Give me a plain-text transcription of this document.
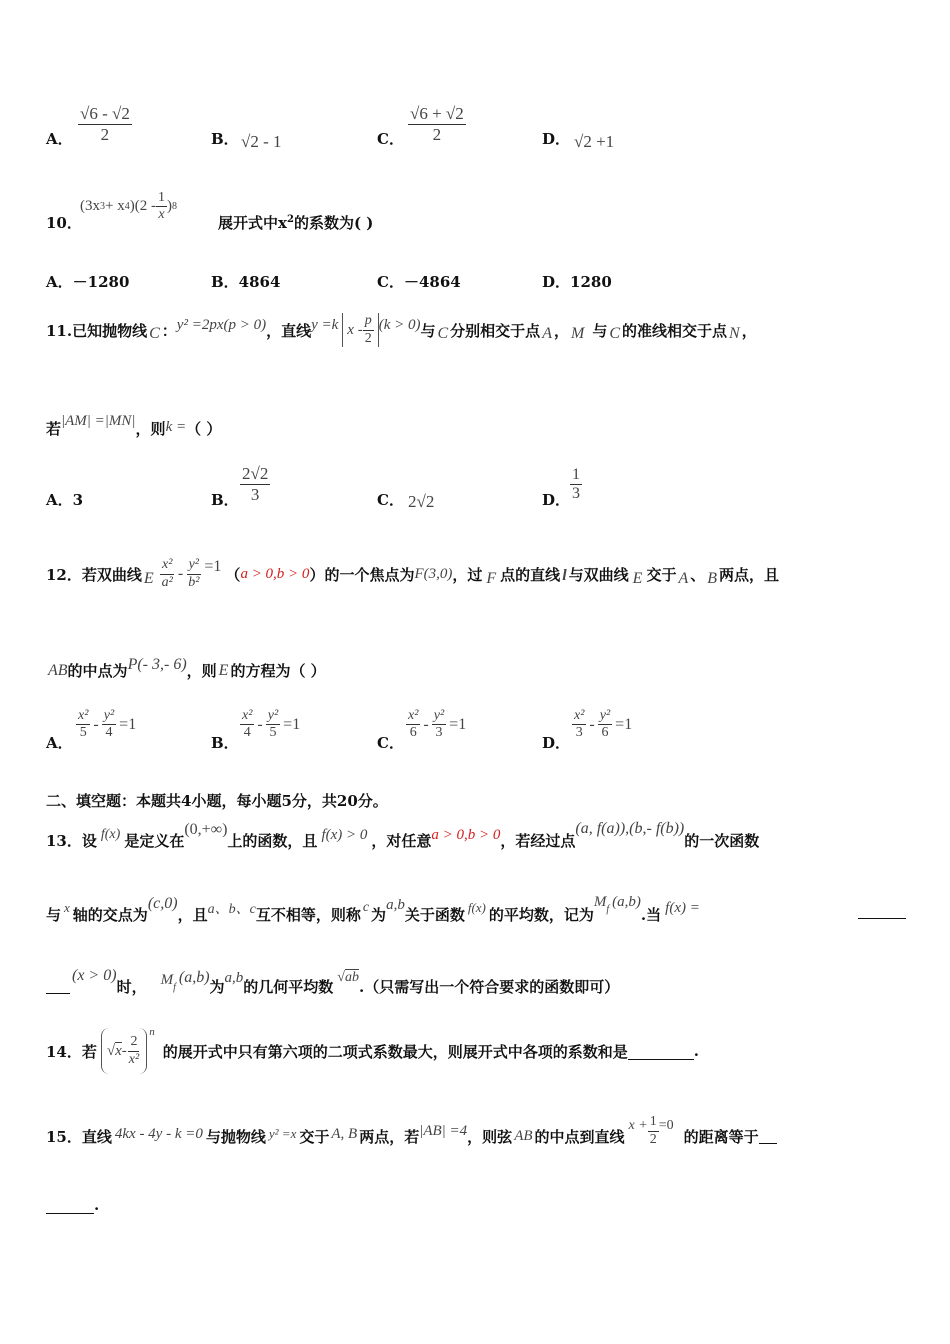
A． $\frac{√6 - √2}{2}$	B． √2 - 1	C． $\frac{√6 + √2}{2}$	D． √2 +1
10．
(3x 3 + x 4 )($2 - \frac{1}{x}$ ) 8
展开式中$x^2$的系数为( )
A．－1280	B．4864	C．－4864	D．1280
11.已知抛物线 C ： y² =2px(p > 0) ，直线 y =k $x - \frac{p}{2} (k > 0)$ 与 C 分别相交于点 A ， M 与 C 的准线相交于点 N ，
若 |AM| =|MN| ，则 k = （ ）
A．3	B． $\frac{2√2}{3}$	C． 2√2	D． $\frac{1}{3}$
12．若双曲线 E $\frac{\text{x²}}{\text{a²}} - \frac{\text{y²}}{\text{b²}} =1$ （ a > 0,b > 0 ） 的一个焦点为 F(3,0) ，过 F 点的直线 l 与双曲线 E 交于 A 、 B 两点，且
AB 的中点为 P(- 3,- 6) ，则 E 的方程为（ ）
A．
$\frac{\text{x²}}{5} - \frac{\text{y²}}{4} =1$
B．
$\frac{\text{x²}}{4} - \frac{\text{y²}}{5} =1$
C．
$\frac{\text{x²}}{6} - \frac{\text{y²}}{3} =1$
D．
$\frac{\text{x²}}{3} - \frac{\text{y²}}{6} =1$
二、填空题：本题共4小题，每小题5分，共20分。
13．设 f(x) 是定义在
(0,+∞)
上的函数，且 f(x) > 0 ，对任意 a > 0,b > 0 ，若经过点
(a, f(a)),(b,- f(b))
的一次函数
与 x 轴的交点为
(c,0)
，且 a、b、c 互不相等，则称 c 为
a,b
关于函数 f(x) 的平均数，记为
M f (a,b)
.当 f(x) =
(x > 0)
时， M f
(a,b) 为 a,b 的几何平均数 √ab .（只需写出一个符合要求的函数即可）
14．若 $√x - \frac{2}{\text{x²}}$
n
的展开式中只有第六项的二项式系数最大，则展开式中各项的系数和是	.
15．直线 4kx - 4y - k =0 与抛物线 y² =x 交于 A, B 两点，若 |AB| =4 ，则弦 AB 的中点到直线
$x + \frac{1}{2} =0$
的距离等于
.
